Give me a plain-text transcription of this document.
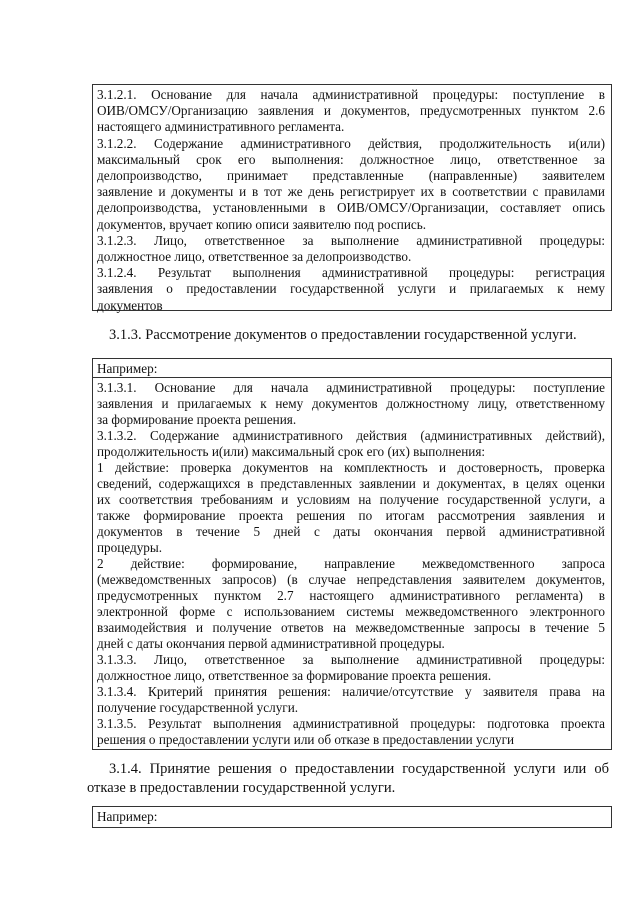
3.1.2.1. Основание для начала административной процедуры: поступление в
ОИВ/ОМСУ/Организацию заявления и документов, предусмотренных пунктом 2.6
настоящего административного регламента.
3.1.2.2. Содержание административного действия, продолжительность и(или)
максимальный срок его выполнения: должностное лицо, ответственное за
делопроизводство, принимает представленные (направленные) заявителем
заявление и документы и в тот же день регистрирует их в соответствии с правилами
делопроизводства, установленными в ОИВ/ОМСУ/Организации, составляет опись
документов, вручает копию описи заявителю под роспись.
3.1.2.3. Лицо, ответственное за выполнение административной процедуры:
должностное лицо, ответственное за делопроизводство.
3.1.2.4. Результат выполнения административной процедуры: регистрация
заявления о предоставлении государственной услуги и прилагаемых к нему
документов
3.1.3. Рассмотрение документов о предоставлении государственной услуги.
Например:
3.1.3.1. Основание для начала административной процедуры: поступление
заявления и прилагаемых к нему документов должностному лицу, ответственному
за формирование проекта решения.
3.1.3.2. Содержание административного действия (административных действий),
продолжительность и(или) максимальный срок его (их) выполнения:
1 действие: проверка документов на комплектность и достоверность, проверка
сведений, содержащихся в представленных заявлении и документах, в целях оценки
их соответствия требованиям и условиям на получение государственной услуги, а
также формирование проекта решения по итогам рассмотрения заявления и
документов в течение 5 дней с даты окончания первой административной
процедуры.
2 действие: формирование, направление межведомственного запроса
(межведомственных запросов) (в случае непредставления заявителем документов,
предусмотренных пунктом 2.7 настоящего административного регламента) в
электронной форме с использованием системы межведомственного электронного
взаимодействия и получение ответов на межведомственные запросы в течение 5
дней с даты окончания первой административной процедуры.
3.1.3.3. Лицо, ответственное за выполнение административной процедуры:
должностное лицо, ответственное за формирование проекта решения.
3.1.3.4. Критерий принятия решения: наличие/отсутствие у заявителя права на
получение государственной услуги.
3.1.3.5. Результат выполнения административной процедуры: подготовка проекта
решения о предоставлении услуги или об отказе в предоставлении услуги
3.1.4. Принятие решения о предоставлении государственной услуги или об
отказе в предоставлении государственной услуги.
Например:
